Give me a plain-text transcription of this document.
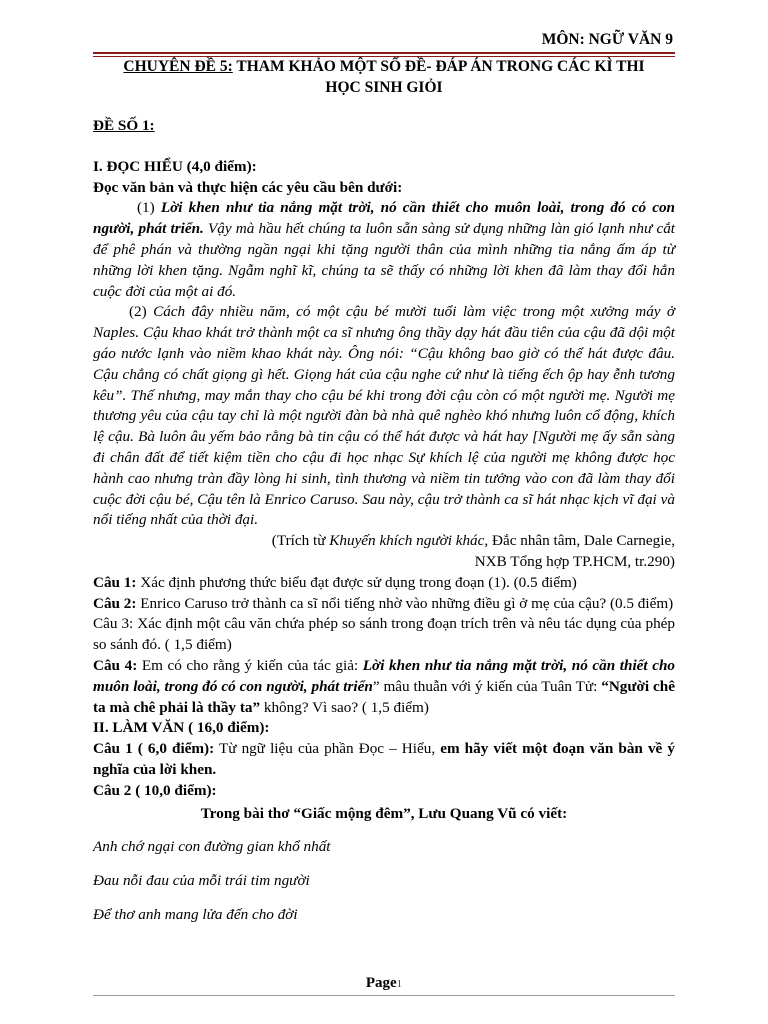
MÔN: NGỮ VĂN 9

CHUYÊN ĐỀ 5: THAM KHẢO MỘT SỐ ĐỀ- ĐÁP ÁN TRONG CÁC KÌ THI
HỌC SINH GIỎI

ĐỀ SỐ 1:

I. ĐỌC HIỂU (4,0 điểm):

Đọc văn bản và thực hiện các yêu cầu bên dưới:

(1) Lời khen như tia nắng mặt trời, nó cần thiết cho muôn loài, trong đó có con người, phát triển. Vậy mà hầu hết chúng ta luôn sẵn sàng sử dụng những làn gió lạnh như cắt để phê phán và thường ngần ngại khi tặng người thân của mình những tia nắng ấm áp từ những lời khen tặng. Ngẫm nghĩ kĩ, chúng ta sẽ thấy có những lời khen đã làm thay đổi hẳn cuộc đời của một ai đó.

(2) Cách đây nhiều năm, có một cậu bé mười tuổi làm việc trong một xưởng máy ở Naples. Cậu khao khát trở thành một ca sĩ nhưng ông thầy dạy hát đầu tiên của cậu đã dội một gáo nước lạnh vào niềm khao khát này. Ông nói: “Cậu không bao giờ có thể hát được đâu. Cậu chẳng có chất giọng gì hết. Giọng hát của cậu nghe cứ như là tiếng ếch ộp hay ễnh tương kêu”. Thế nhưng, may mắn thay cho cậu bé khi trong đời cậu còn có một người mẹ. Người mẹ thương yêu của cậu tay chỉ là một người đàn bà nhà quê nghèo khó nhưng luôn cổ động, khích lệ cậu. Bà luôn âu yếm bảo rằng bà tin cậu có thể hát được và hát hay [Người mẹ ấy sẵn sàng đi chân đất để tiết kiệm tiền cho cậu đi học nhạc Sự khích lệ của người mẹ không được học hành cao nhưng tràn đầy lòng hi sinh, tình thương và niềm tin tưởng vào con đã làm thay đổi cuộc đời cậu bé, Cậu tên là Enrico Caruso. Sau này, cậu trở thành ca sĩ hát nhạc kịch vĩ đại và nổi tiếng nhất của thời đại.

(Trích từ Khuyến khích người khác, Đắc nhân tâm, Dale Carnegie,

NXB Tổng hợp TP.HCM, tr.290)

Câu 1: Xác định phương thức biểu đạt được sử dụng trong đoạn (1). (0.5 điểm)

Câu 2: Enrico Caruso trở thành ca sĩ nổi tiếng nhờ vào những điều gì ở mẹ của cậu? (0.5 điểm)

Câu 3: Xác định một câu văn chứa phép so sánh trong đoạn trích trên và nêu tác dụng của phép so sánh đó. ( 1,5 điểm)

Câu 4: Em có cho rằng ý kiến của tác giả: Lời khen như tia nắng mặt trời, nó cần thiết cho muôn loài, trong đó có con người, phát triển” mâu thuẫn với ý kiến của Tuân Tử: “Người chê ta mà chê phải là thầy ta” không? Vì sao? ( 1,5 điểm)

II. LÀM VĂN ( 16,0 điểm):

Câu 1 ( 6,0 điểm): Từ ngữ liệu của phần Đọc – Hiểu, em hãy viết một đoạn văn bàn về ý nghĩa của lời khen.

Câu 2 ( 10,0 điểm):

Trong bài thơ “Giấc mộng đêm”, Lưu Quang Vũ có viết:

Anh chớ ngại con đường gian khổ nhất

Đau nỗi đau của mỗi trái tim người

Để thơ anh mang lửa đến cho đời

Page1
